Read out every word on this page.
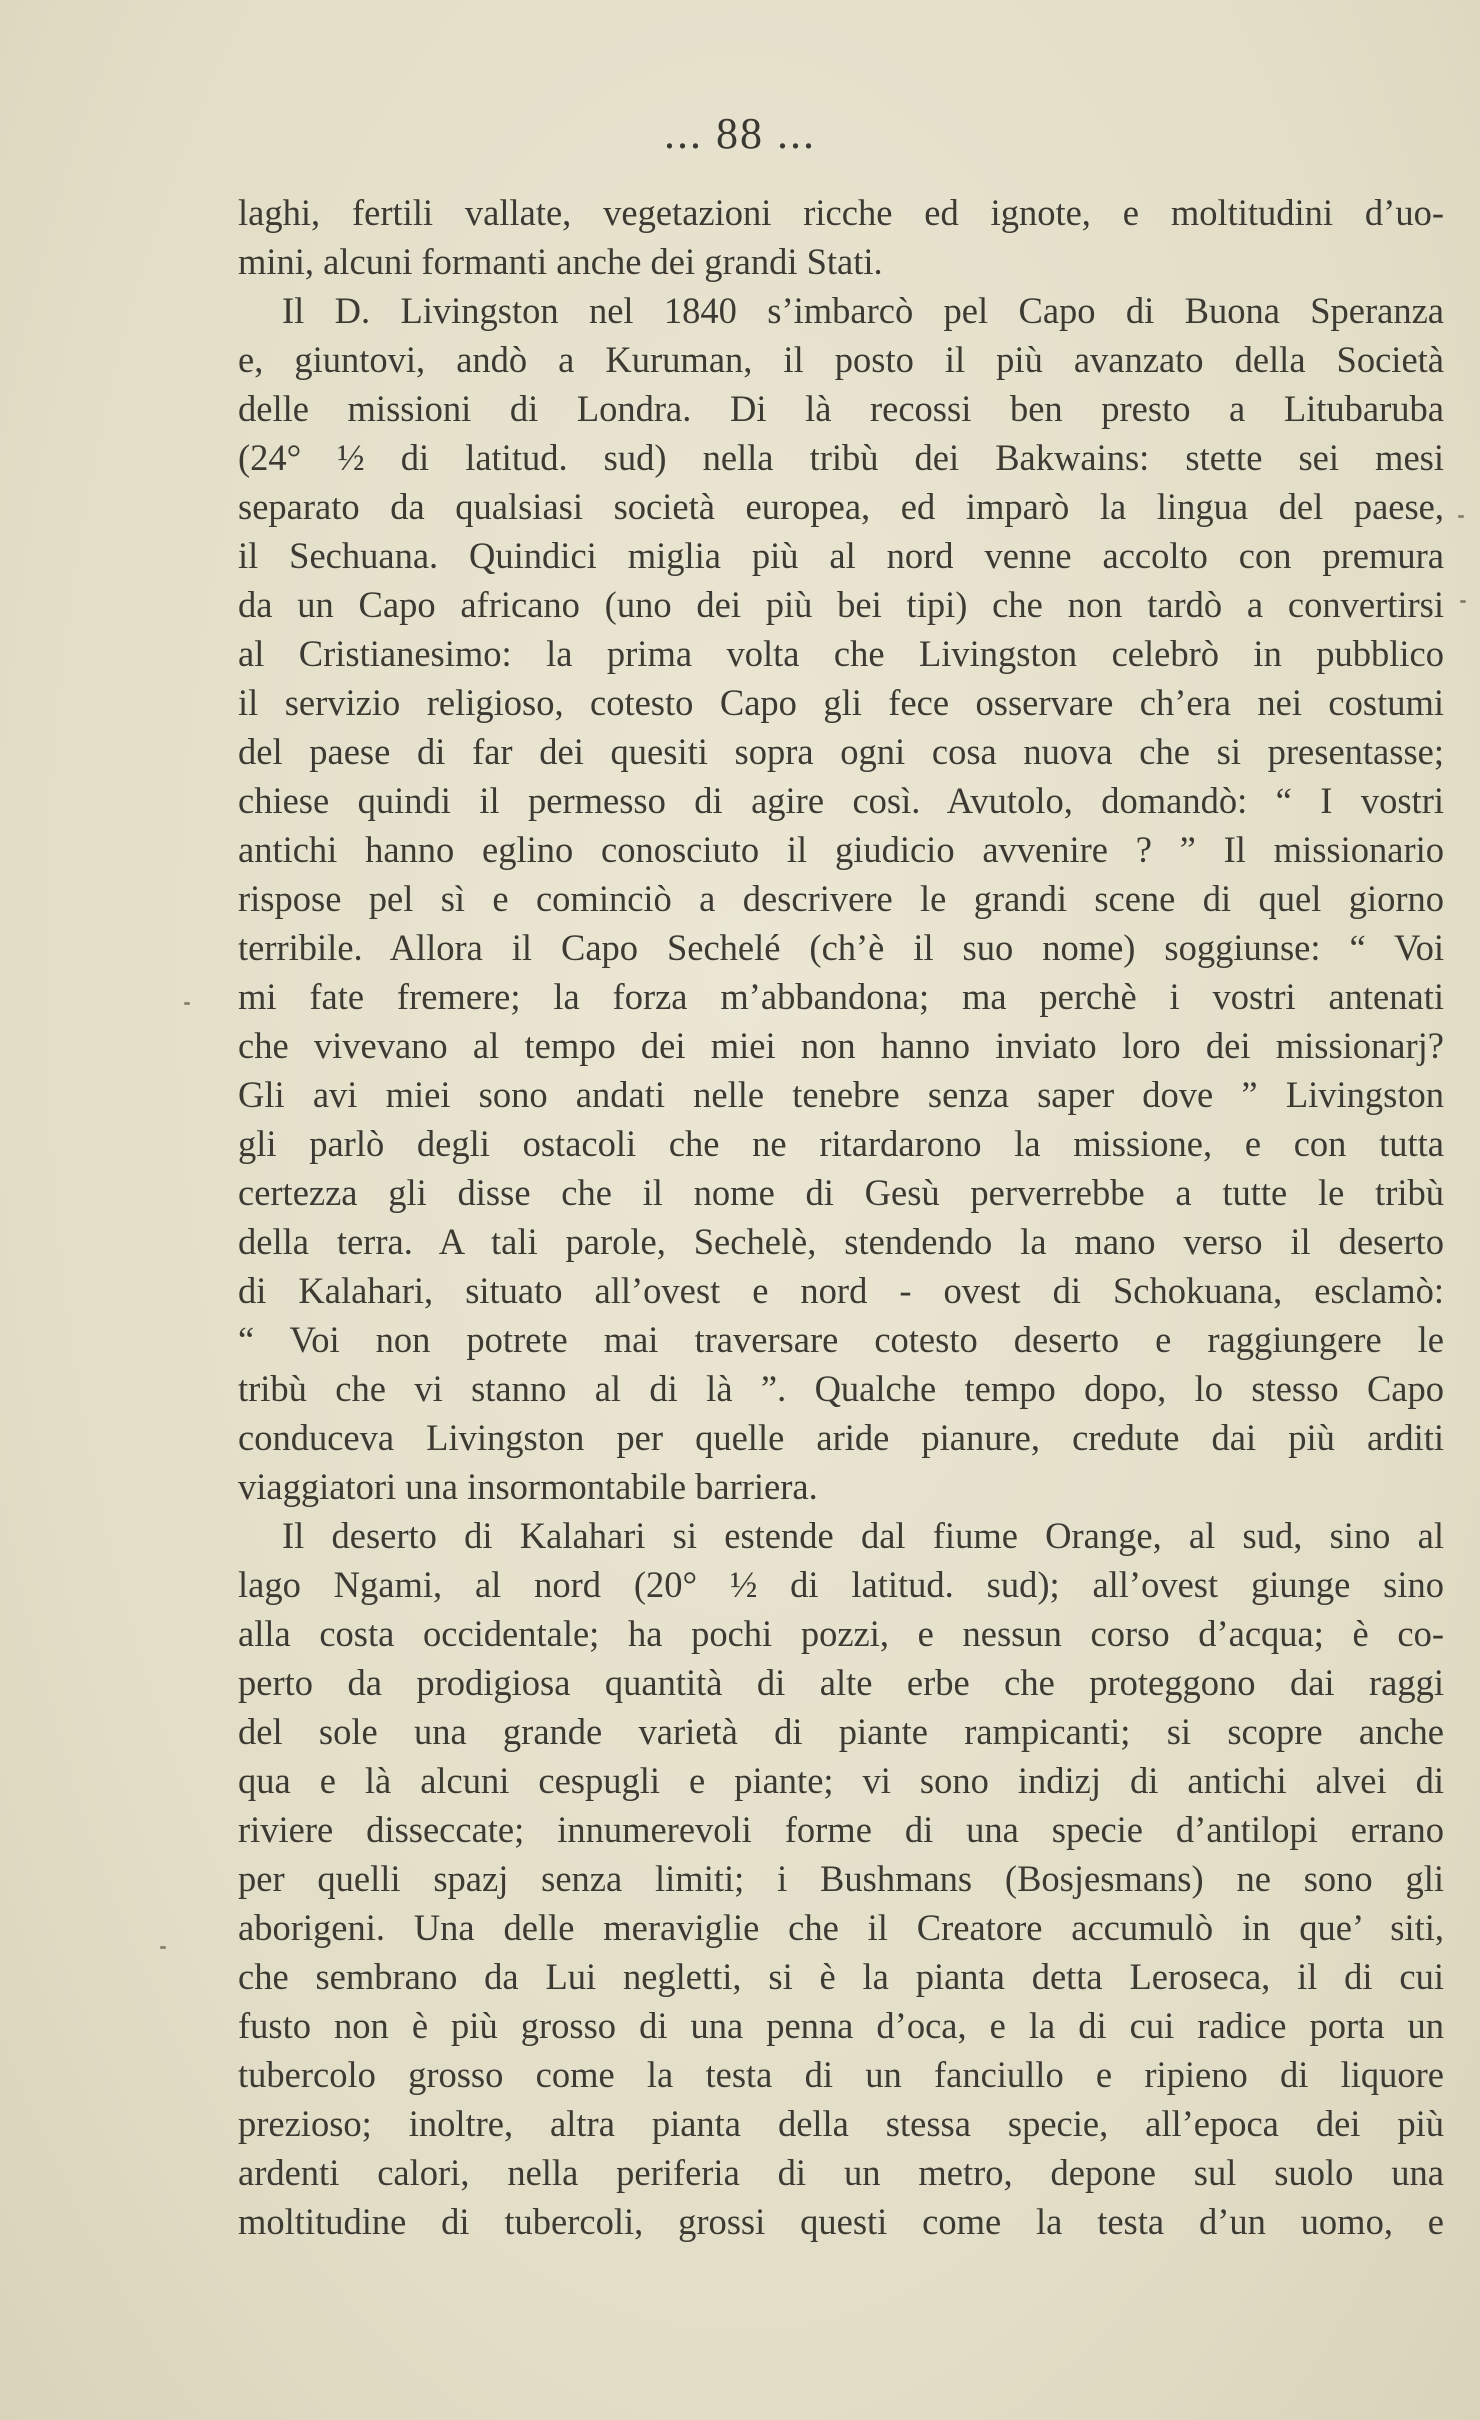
... 88 ...
laghi, fertili vallate, vegetazioni ricche ed ignote, e moltitudini d’uo-
mini, alcuni formanti anche dei grandi Stati.
Il D. Livingston nel 1840 s’imbarcò pel Capo di Buona Speranza
e, giuntovi, andò a Kuruman, il posto il più avanzato della Società
delle missioni di Londra. Di là recossi ben presto a Litubaruba
(24° ½ di latitud. sud) nella tribù dei Bakwains: stette sei mesi
separato da qualsiasi società europea, ed imparò la lingua del paese,
il Sechuana. Quindici miglia più al nord venne accolto con premura
da un Capo africano (uno dei più bei tipi) che non tardò a convertirsi
al Cristianesimo: la prima volta che Livingston celebrò in pubblico
il servizio religioso, cotesto Capo gli fece osservare ch’era nei costumi
del paese di far dei quesiti sopra ogni cosa nuova che si presentasse;
chiese quindi il permesso di agire così. Avutolo, domandò: “ I vostri
antichi hanno eglino conosciuto il giudicio avvenire ? ” Il missionario
rispose pel sì e cominciò a descrivere le grandi scene di quel giorno
terribile. Allora il Capo Sechelé (ch’è il suo nome) soggiunse: “ Voi
mi fate fremere; la forza m’abbandona; ma perchè i vostri antenati
che vivevano al tempo dei miei non hanno inviato loro dei missionarj?
Gli avi miei sono andati nelle tenebre senza saper dove ” Livingston
gli parlò degli ostacoli che ne ritardarono la missione, e con tutta
certezza gli disse che il nome di Gesù perverrebbe a tutte le tribù
della terra. A tali parole, Sechelè, stendendo la mano verso il deserto
di Kalahari, situato all’ovest e nord - ovest di Schokuana, esclamò:
“ Voi non potrete mai traversare cotesto deserto e raggiungere le
tribù che vi stanno al di là ”. Qualche tempo dopo, lo stesso Capo
conduceva Livingston per quelle aride pianure, credute dai più arditi
viaggiatori una insormontabile barriera.
Il deserto di Kalahari si estende dal fiume Orange, al sud, sino al
lago Ngami, al nord (20° ½ di latitud. sud); all’ovest giunge sino
alla costa occidentale; ha pochi pozzi, e nessun corso d’acqua; è co-
perto da prodigiosa quantità di alte erbe che proteggono dai raggi
del sole una grande varietà di piante rampicanti; si scopre anche
qua e là alcuni cespugli e piante; vi sono indizj di antichi alvei di
riviere disseccate; innumerevoli forme di una specie d’antilopi errano
per quelli spazj senza limiti; i Bushmans (Bosjesmans) ne sono gli
aborigeni. Una delle meraviglie che il Creatore accumulò in que’ siti,
che sembrano da Lui negletti, si è la pianta detta Leroseca, il di cui
fusto non è più grosso di una penna d’oca, e la di cui radice porta un
tubercolo grosso come la testa di un fanciullo e ripieno di liquore
prezioso; inoltre, altra pianta della stessa specie, all’epoca dei più
ardenti calori, nella periferia di un metro, depone sul suolo una
moltitudine di tubercoli, grossi questi come la testa d’un uomo, e
